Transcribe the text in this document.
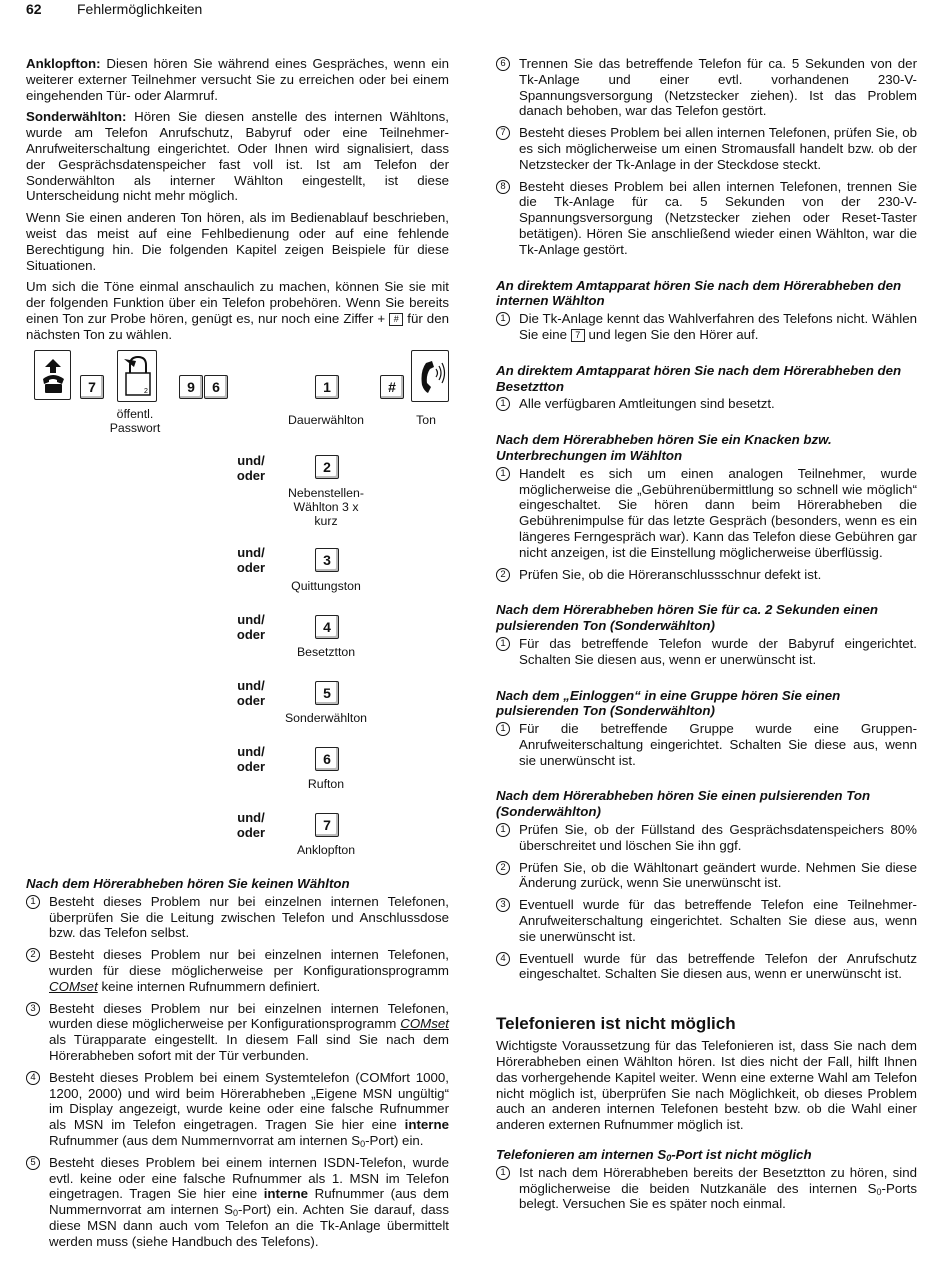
62	Fehlermöglichkeiten

Anklopfton: Diesen hören Sie während eines Gespräches, wenn ein weiterer externer Teilnehmer versucht Sie zu erreichen oder bei einem eingehenden Tür- oder Alarmruf.

Sonderwählton: Hören Sie diesen anstelle des internen Wähltons, wurde am Telefon Anrufschutz, Babyruf oder eine Teilnehmer-Anrufweiterschaltung eingerichtet. Oder Ihnen wird signalisiert, dass der Gesprächsdatenspeicher fast voll ist. Ist am Telefon der Sonderwählton als interner Wählton eingestellt, ist diese Unterscheidung nicht mehr möglich.

Wenn Sie einen anderen Ton hören, als im Bedienablauf beschrieben, weist das meist auf eine Fehlbedienung oder auf eine fehlende Berechtigung hin. Die folgenden Kapitel zeigen Beispiele für diese Situationen.

Um sich die Töne einmal anschaulich zu machen, können Sie sie mit der folgenden Funktion über ein Telefon probehören. Wenn Sie bereits einen Ton zur Probe hören, genügt es, nur noch eine Ziffer + # für den nächsten Ton zu wählen.

7	2
öffentl. Passwort
9	6	#
Ton
1
Dauerwählton
und/ oder
2
Nebenstellen-Wählton 3 x kurz
und/ oder	3
Quittungston
und/ oder	4
Besetztton
und/ oder	5
Sonderwählton
und/ oder	6
Rufton
und/ oder	7
Anklopfton
Nach dem Hörerabheben hören Sie keinen Wählton
1	Besteht dieses Problem nur bei einzelnen internen Telefonen, überprüfen Sie die Leitung zwischen Telefon und Anschlussdose bzw. das Telefon selbst.
2	Besteht dieses Problem nur bei einzelnen internen Telefonen, wurden für diese möglicherweise per Konfigurationsprogramm COMset keine internen Rufnummern definiert.
3	Besteht dieses Problem nur bei einzelnen internen Telefonen, wurden diese möglicherweise per Konfigurationsprogramm COMset als Türapparate eingestellt. In diesem Fall sind Sie nach dem Hörerabheben sofort mit der Tür verbunden.
4	Besteht dieses Problem bei einem Systemtelefon (COMfort 1000, 1200, 2000) und wird beim Hörerabheben „Eigene MSN ungültig“ im Display angezeigt, wurde keine oder eine falsche Rufnummer als MSN im Telefon eingetragen. Tragen Sie hier eine interne Rufnummer (aus dem Nummernvorrat am internen $S_0-Port$) ein.
5	Besteht dieses Problem bei einem internen ISDN-Telefon, wurde evtl. keine oder eine falsche Rufnummer als 1. MSN im Telefon eingetragen. Tragen Sie hier eine interne Rufnummer (aus dem Nummernvorrat am internen $S_0-Port$) ein. Achten Sie darauf, dass diese MSN dann auch vom Telefon an die Tk-Anlage übermittelt werden muss (siehe Handbuch des Telefons).
6	Trennen Sie das betreffende Telefon für ca. 5 Sekunden von der Tk-Anlage und einer evtl. vorhandenen 230-V-Spannungsversorgung (Netzstecker ziehen). Ist das Problem danach behoben, war das Telefon gestört.
7	Besteht dieses Problem bei allen internen Telefonen, prüfen Sie, ob es sich möglicherweise um einen Stromausfall handelt bzw. ob der Netzstecker der Tk-Anlage in der Steckdose steckt.
8	Besteht dieses Problem bei allen internen Telefonen, trennen Sie die Tk-Anlage für ca. 5 Sekunden von der 230-V-Spannungsversorgung (Netzstecker ziehen oder Reset-Taster betätigen). Hören Sie anschließend wieder einen Wählton, war die Tk-Anlage gestört.
An direktem Amtapparat hören Sie nach dem Hörerabheben den internen Wählton
1	Die Tk-Anlage kennt das Wahlverfahren des Telefons nicht. Wählen Sie eine 7 und legen Sie den Hörer auf.
An direktem Amtapparat hören Sie nach dem Hörerabheben den Besetztton
1	Alle verfügbaren Amtleitungen sind besetzt.
Nach dem Hörerabheben hören Sie ein Knacken bzw. Unterbrechungen im Wählton
1	Handelt es sich um einen analogen Teilnehmer, wurde möglicherweise die „Gebührenübermittlung so schnell wie möglich“ eingeschaltet. Sie hören dann beim Hörerabheben die Gebührenimpulse für das letzte Gespräch (besonders, wenn es ein längeres Ferngespräch war). Kann das Telefon diese Gebühren gar nicht anzeigen, ist die Einstellung möglicherweise überflüssig.
2	Prüfen Sie, ob die Höreranschlussschnur defekt ist.
Nach dem Hörerabheben hören Sie für ca. 2 Sekunden einen pulsierenden Ton (Sonderwählton)
1	Für das betreffende Telefon wurde der Babyruf eingerichtet. Schalten Sie diesen aus, wenn er unerwünscht ist.
Nach dem „Einloggen“ in eine Gruppe hören Sie einen pulsierenden Ton (Sonderwählton)
1	Für die betreffende Gruppe wurde eine Gruppen-Anrufweiterschaltung eingerichtet. Schalten Sie diese aus, wenn sie unerwünscht ist.
Nach dem Hörerabheben hören Sie einen pulsierenden Ton (Sonderwählton)
1	Prüfen Sie, ob der Füllstand des Gesprächsdatenspeichers 80% überschreitet und löschen Sie ihn ggf.
2	Prüfen Sie, ob die Wähltonart geändert wurde. Nehmen Sie diese Änderung zurück, wenn Sie unerwünscht ist.
3	Eventuell wurde für das betreffende Telefon eine Teilnehmer-Anrufweiterschaltung eingerichtet. Schalten Sie diese aus, wenn sie unerwünscht ist.
4	Eventuell wurde für das betreffende Telefon der Anrufschutz eingeschaltet. Schalten Sie diesen aus, wenn er unerwünscht ist.
Telefonieren ist nicht möglich

Wichtigste Voraussetzung für das Telefonieren ist, dass Sie nach dem Hörerabheben einen Wählton hören. Ist dies nicht der Fall, hilft Ihnen das vorhergehende Kapitel weiter. Wenn eine externe Wahl am Telefon nicht möglich ist, überprüfen Sie nach Möglichkeit, ob dieses Problem auch an anderen internen Telefonen besteht bzw. ob die Wahl einer anderen externen Rufnummer möglich ist.

Telefonieren am internen $S_0$-Port ist nicht möglich
1	Ist nach dem Hörerabheben bereits der Besetztton zu hören, sind möglicherweise die beiden Nutzkanäle des internen $S_0$-Ports belegt. Versuchen Sie es später noch einmal.
